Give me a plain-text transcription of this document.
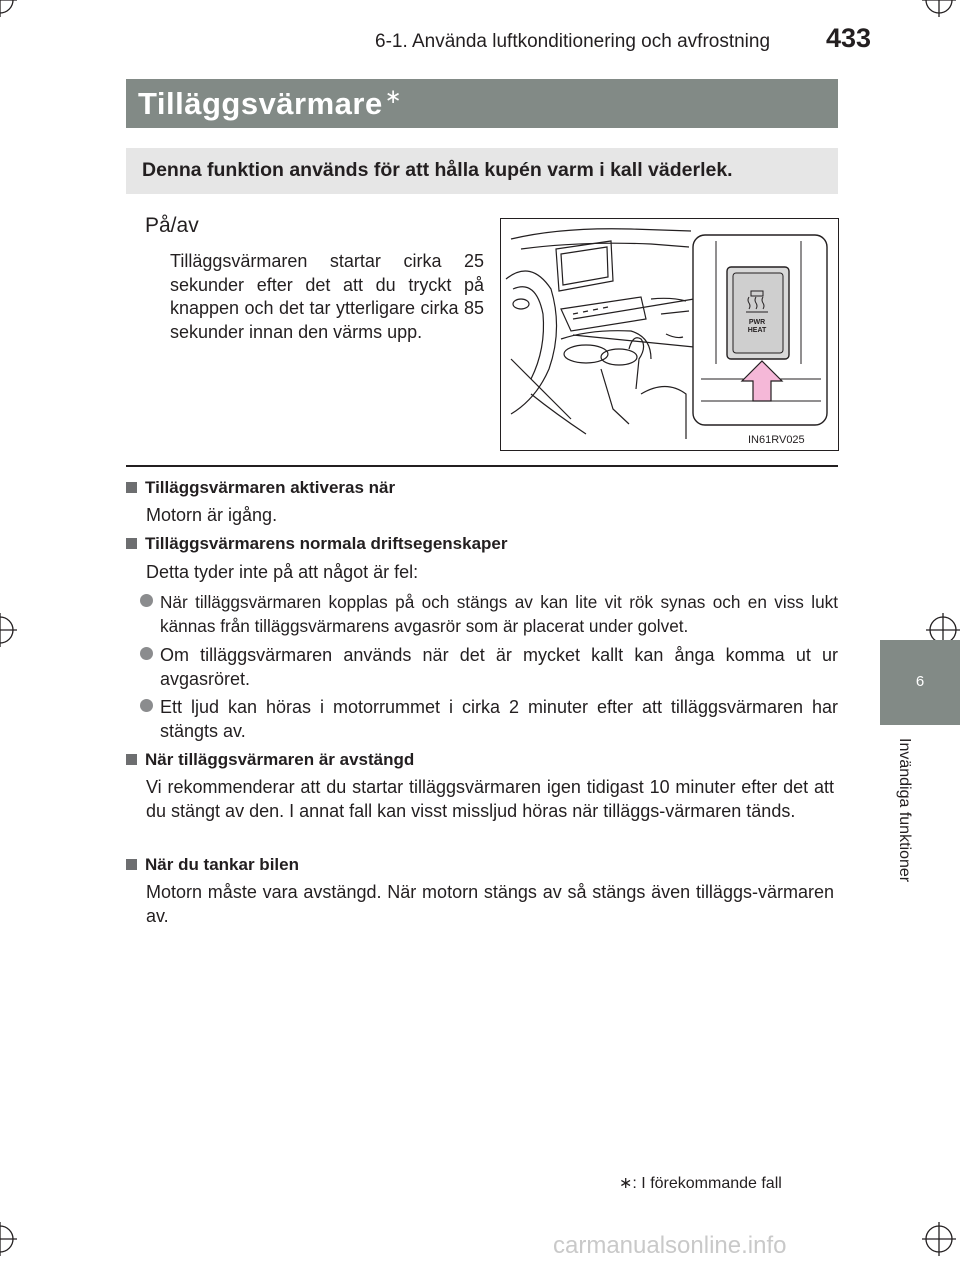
6-1. Använda luftkonditionering och avfrostning 433
Tilläggsvärmare ∗
Denna funktion används för att hålla kupén varm i kall väderlek.
På/av
Tilläggsvärmaren startar cirka 25 sekunder efter det att du tryckt på knappen och det tar ytterligare cirka 85 sekunder innan den värms upp.	PWR
HEAT
IN61RV025
Tilläggsvärmaren aktiveras när
Motorn är igång.
Tilläggsvärmarens normala driftsegenskaper
Detta tyder inte på att något är fel:
När tilläggsvärmaren kopplas på och stängs av kan lite vit rök synas och en viss lukt kännas från tilläggsvärmarens avgasrör som är placerat under golvet.
Om tilläggsvärmaren används när det är mycket kallt kan ånga komma ut ur avgasröret.
Ett ljud kan höras i motorrummet i cirka 2 minuter efter att tilläggsvärmaren har stängts av.
När tilläggsvärmaren är avstängd
Vi rekommenderar att du startar tilläggsvärmaren igen tidigast 10 minuter efter det att du stängt av den. I annat fall kan visst missljud höras när tilläggs-värmaren tänds.
När du tankar bilen
Motorn måste vara avstängd. När motorn stängs av så stängs även tilläggs-värmaren av.
6
Invändiga funktioner
∗: I förekommande fall
carmanualsonline.info
